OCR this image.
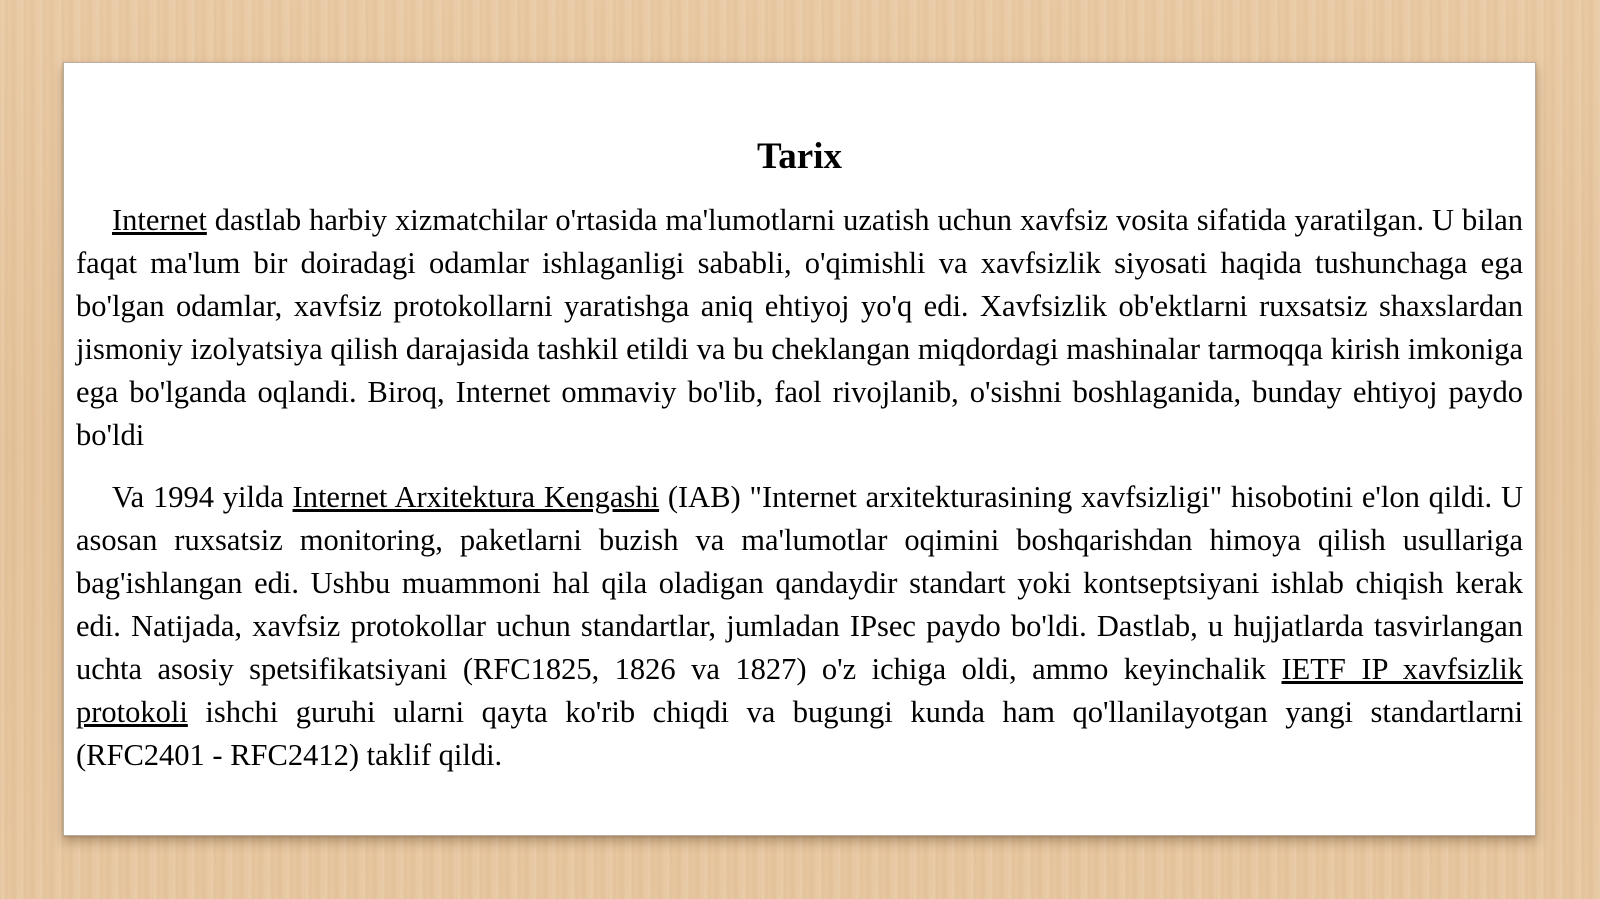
Tarix

Internet dastlab harbiy xizmatchilar o'rtasida ma'lumotlarni uzatish uchun xavfsiz vosita sifatida yaratilgan. U bilan faqat ma'lum bir doiradagi odamlar ishlaganligi sababli, o'qimishli va xavfsizlik siyosati haqida tushunchaga ega bo'lgan odamlar, xavfsiz protokollarni yaratishga aniq ehtiyoj yo'q edi. Xavfsizlik ob'ektlarni ruxsatsiz shaxslardan jismoniy izolyatsiya qilish darajasida tashkil etildi va bu cheklangan miqdordagi mashinalar tarmoqqa kirish imkoniga ega bo'lganda oqlandi. Biroq, Internet ommaviy bo'lib, faol rivojlanib, o'sishni boshlaganida, bunday ehtiyoj paydo bo'ldi

Va 1994 yilda Internet Arxitektura Kengashi (IAB) "Internet arxitekturasining xavfsizligi" hisobotini e'lon qildi. U asosan ruxsatsiz monitoring, paketlarni buzish va ma'lumotlar oqimini boshqarishdan himoya qilish usullariga bag'ishlangan edi. Ushbu muammoni hal qila oladigan qandaydir standart yoki kontseptsiyani ishlab chiqish kerak edi. Natijada, xavfsiz protokollar uchun standartlar, jumladan IPsec paydo bo'ldi. Dastlab, u hujjatlarda tasvirlangan uchta asosiy spetsifikatsiyani (RFC1825, 1826 va 1827) o'z ichiga oldi, ammo keyinchalik IETF IP xavfsizlik protokoli ishchi guruhi ularni qayta ko'rib chiqdi va bugungi kunda ham qo'llanilayotgan yangi standartlarni (RFC2401 - RFC2412) taklif qildi.
